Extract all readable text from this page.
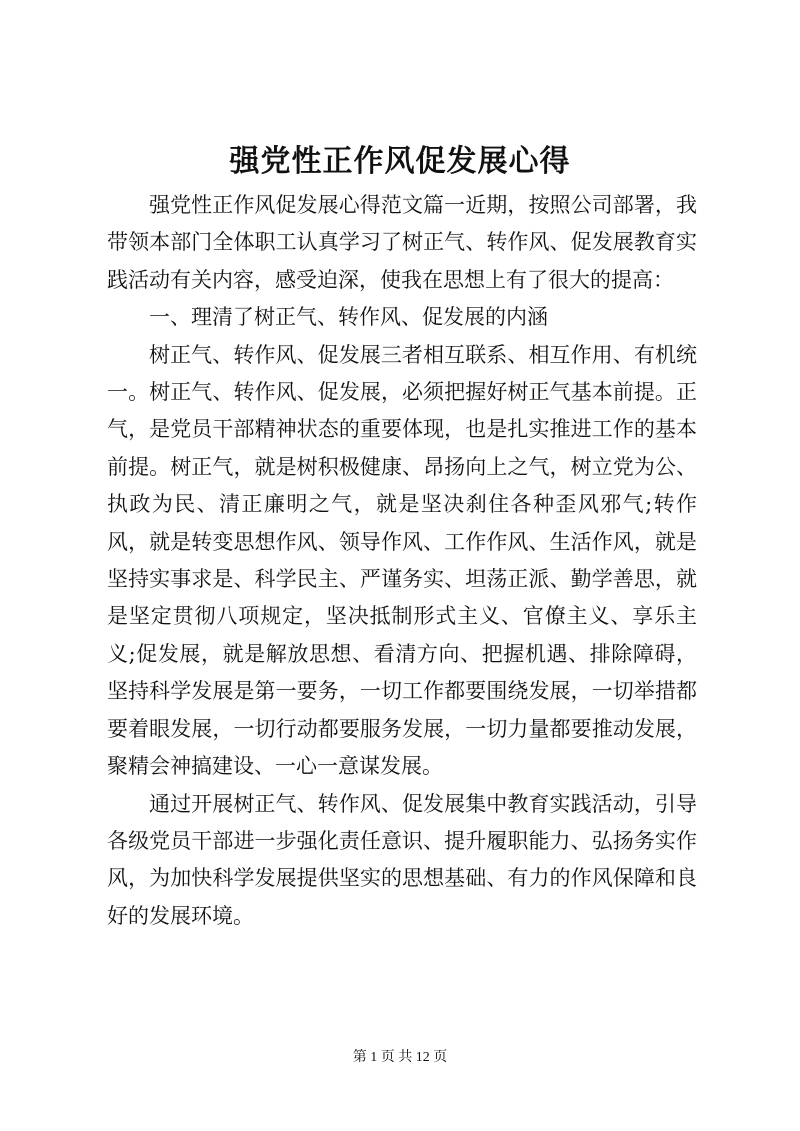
强党性正作风促发展心得

强党性正作风促发展心得范文篇一近期，按照公司部署，我带领本部门全体职工认真学习了树正气、转作风、促发展教育实践活动有关内容，感受迫深，使我在思想上有了很大的提高：

一、理清了树正气、转作风、促发展的内涵

树正气、转作风、促发展三者相互联系、相互作用、有机统一。树正气、转作风、促发展，必须把握好树正气基本前提。正气，是党员干部精神状态的重要体现，也是扎实推进工作的基本前提。树正气，就是树积极健康、昂扬向上之气，树立党为公、执政为民、清正廉明之气，就是坚决刹住各种歪风邪气;转作风，就是转变思想作风、领导作风、工作作风、生活作风，就是坚持实事求是、科学民主、严谨务实、坦荡正派、勤学善思，就是坚定贯彻八项规定，坚决抵制形式主义、官僚主义、享乐主义;促发展，就是解放思想、看清方向、把握机遇、排除障碍，坚持科学发展是第一要务，一切工作都要围绕发展，一切举措都要着眼发展，一切行动都要服务发展，一切力量都要推动发展，聚精会神搞建设、一心一意谋发展。

通过开展树正气、转作风、促发展集中教育实践活动，引导各级党员干部进一步强化责任意识、提升履职能力、弘扬务实作风，为加快科学发展提供坚实的思想基础、有力的作风保障和良好的发展环境。

第 1 页 共 12 页
